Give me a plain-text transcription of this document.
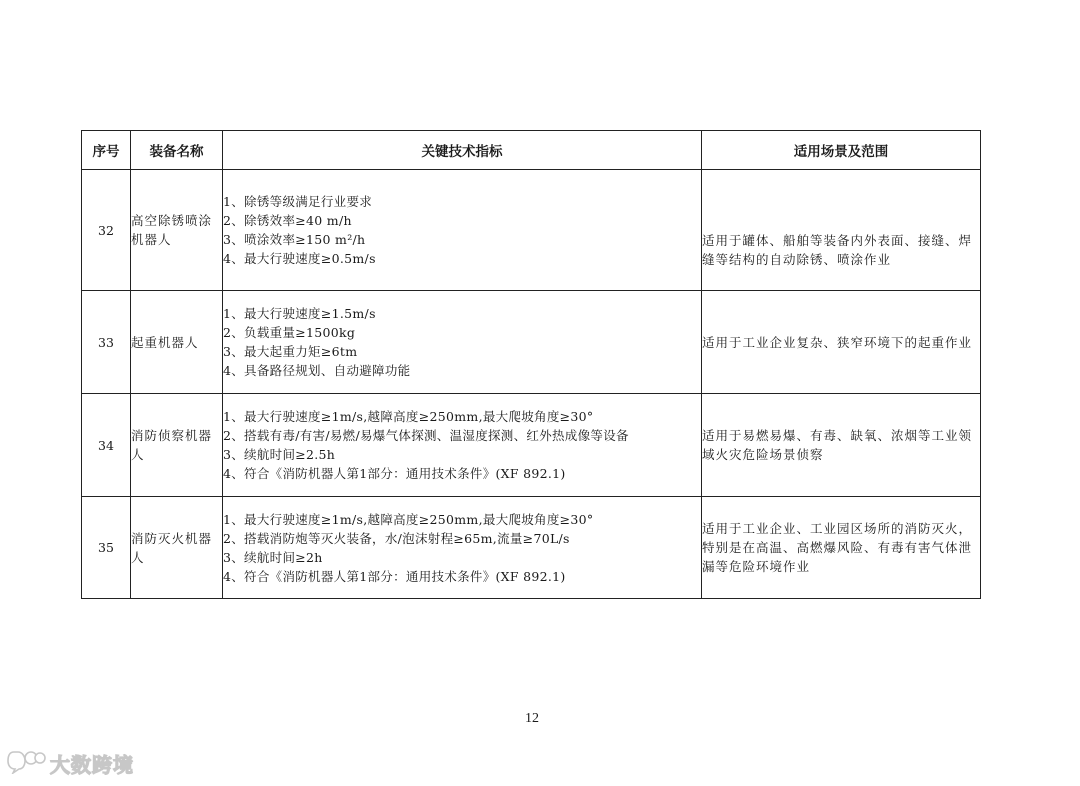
序号	装备名称	关键技术指标	适用场景及范围
32	高空除锈喷涂机器人	1、除锈等级满足行业要求
2、除锈效率≥40 m/h
3、喷涂效率≥150 m²/h
4、最大行驶速度≥0.5m/s	适用于罐体、船舶等装备内外表面、接缝、焊缝等结构的自动除锈、喷涂作业

33	起重机器人	1、最大行驶速度≥1.5m/s
2、负载重量≥1500kg
3、最大起重力矩≥6tm
4、具备路径规划、自动避障功能	适用于工业企业复杂、狭窄环境下的起重作业

34	消防侦察机器人	1、最大行驶速度≥1m/s,越障高度≥250mm,最大爬坡角度≥30°
2、搭载有毒/有害/易燃/易爆气体探测、温湿度探测、红外热成像等设备
3、续航时间≥2.5h
4、符合《消防机器人第1部分：通用技术条件》(XF 892.1)	适用于易燃易爆、有毒、缺氧、浓烟等工业领域火灾危险场景侦察

35	消防灭火机器人	1、最大行驶速度≥1m/s,越障高度≥250mm,最大爬坡角度≥30°
2、搭载消防炮等灭火装备，水/泡沫射程≥65m,流量≥70L/s
3、续航时间≥2h
4、符合《消防机器人第1部分：通用技术条件》(XF 892.1)	适用于工业企业、工业园区场所的消防灭火，特别是在高温、高燃爆风险、有毒有害气体泄漏等危险环境作业
12
大数跨境
